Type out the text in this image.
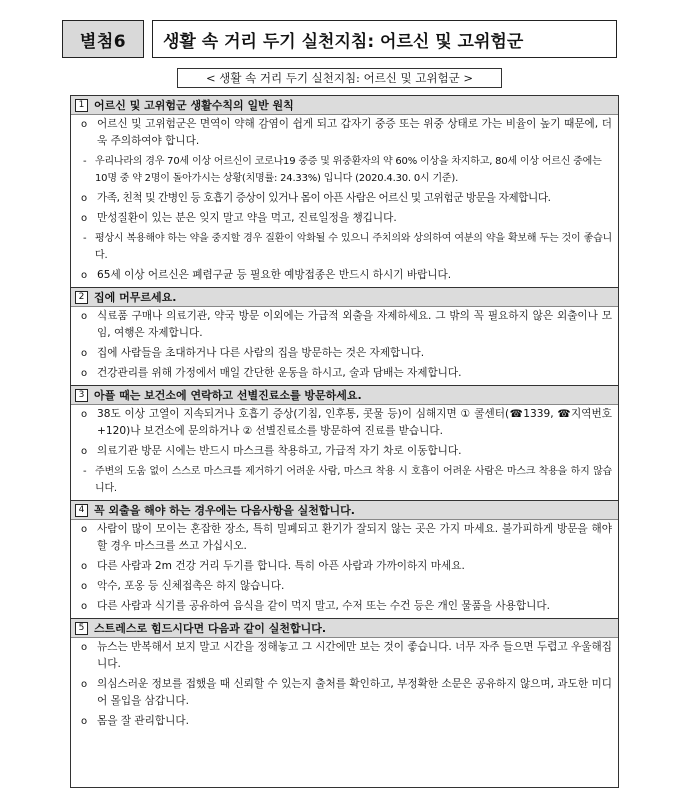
별첨6	생활 속 거리 두기 실천지침: 어르신 및 고위험군
< 생활 속 거리 두기 실천지침: 어르신 및 고위험군 >
1 어르신 및 고위험군 생활수칙의 일반 원칙
o 어르신 및 고위험군은 면역이 약해 감염이 쉽게 되고 갑자기 중증 또는 위중 상태로 가는 비율이 높기 때문에, 더욱 주의하여야 합니다.
- 우리나라의 경우 70세 이상 어르신이 코로나19 중증 및 위중환자의 약 60% 이상을 차지하고, 80세 이상 어르신 중에는 10명 중 약 2명이 돌아가시는 상황(치명률: 24.33%) 입니다 (2020.4.30. 0시 기준).
o 가족, 친척 및 간병인 등 호흡기 증상이 있거나 몸이 아픈 사람은 어르신 및 고위험군 방문을 자제합니다.
o 만성질환이 있는 분은 잊지 말고 약을 먹고, 진료일정을 챙깁니다.
- 평상시 복용해야 하는 약을 중지할 경우 질환이 악화될 수 있으니 주치의와 상의하여 여분의 약을 확보해 두는 것이 좋습니다.
o 65세 이상 어르신은 폐렴구균 등 필요한 예방접종은 반드시 하시기 바랍니다.
2 집에 머무르세요.
o 식료품 구매나 의료기관, 약국 방문 이외에는 가급적 외출을 자제하세요. 그 밖의 꼭 필요하지 않은 외출이나 모임, 여행은 자제합니다.
o 집에 사람들을 초대하거나 다른 사람의 집을 방문하는 것은 자제합니다.
o 건강관리를 위해 가정에서 매일 간단한 운동을 하시고, 술과 담배는 자제합니다.
3 아플 때는 보건소에 연락하고 선별진료소를 방문하세요.
o 38도 이상 고열이 지속되거나 호흡기 증상(기침, 인후통, 콧물 등)이 심해지면 ① 콜센터(☎1339, ☎지역번호+120)나 보건소에 문의하거나 ② 선별진료소를 방문하여 진료를 받습니다.
o 의료기관 방문 시에는 반드시 마스크를 착용하고, 가급적 자기 차로 이동합니다.
- 주변의 도움 없이 스스로 마스크를 제거하기 어려운 사람, 마스크 착용 시 호흡이 어려운 사람은 마스크 착용을 하지 않습니다.
4 꼭 외출을 해야 하는 경우에는 다음사항을 실천합니다.
o 사람이 많이 모이는 혼잡한 장소, 특히 밀폐되고 환기가 잘되지 않는 곳은 가지 마세요. 불가피하게 방문을 해야 할 경우 마스크를 쓰고 가십시오.
o 다른 사람과 2m 건강 거리 두기를 합니다. 특히 아픈 사람과 가까이하지 마세요.
o 악수, 포옹 등 신체접촉은 하지 않습니다.
o 다른 사람과 식기를 공유하여 음식을 같이 먹지 말고, 수저 또는 수건 등은 개인 물품을 사용합니다.
5 스트레스로 힘드시다면 다음과 같이 실천합니다.
o 뉴스는 반복해서 보지 말고 시간을 정해놓고 그 시간에만 보는 것이 좋습니다. 너무 자주 들으면 두렵고 우울해집니다.
o 의심스러운 정보를 접했을 때 신뢰할 수 있는지 출처를 확인하고, 부정확한 소문은 공유하지 않으며, 과도한 미디어 몰입을 삼갑니다.
o 몸을 잘 관리합니다.
